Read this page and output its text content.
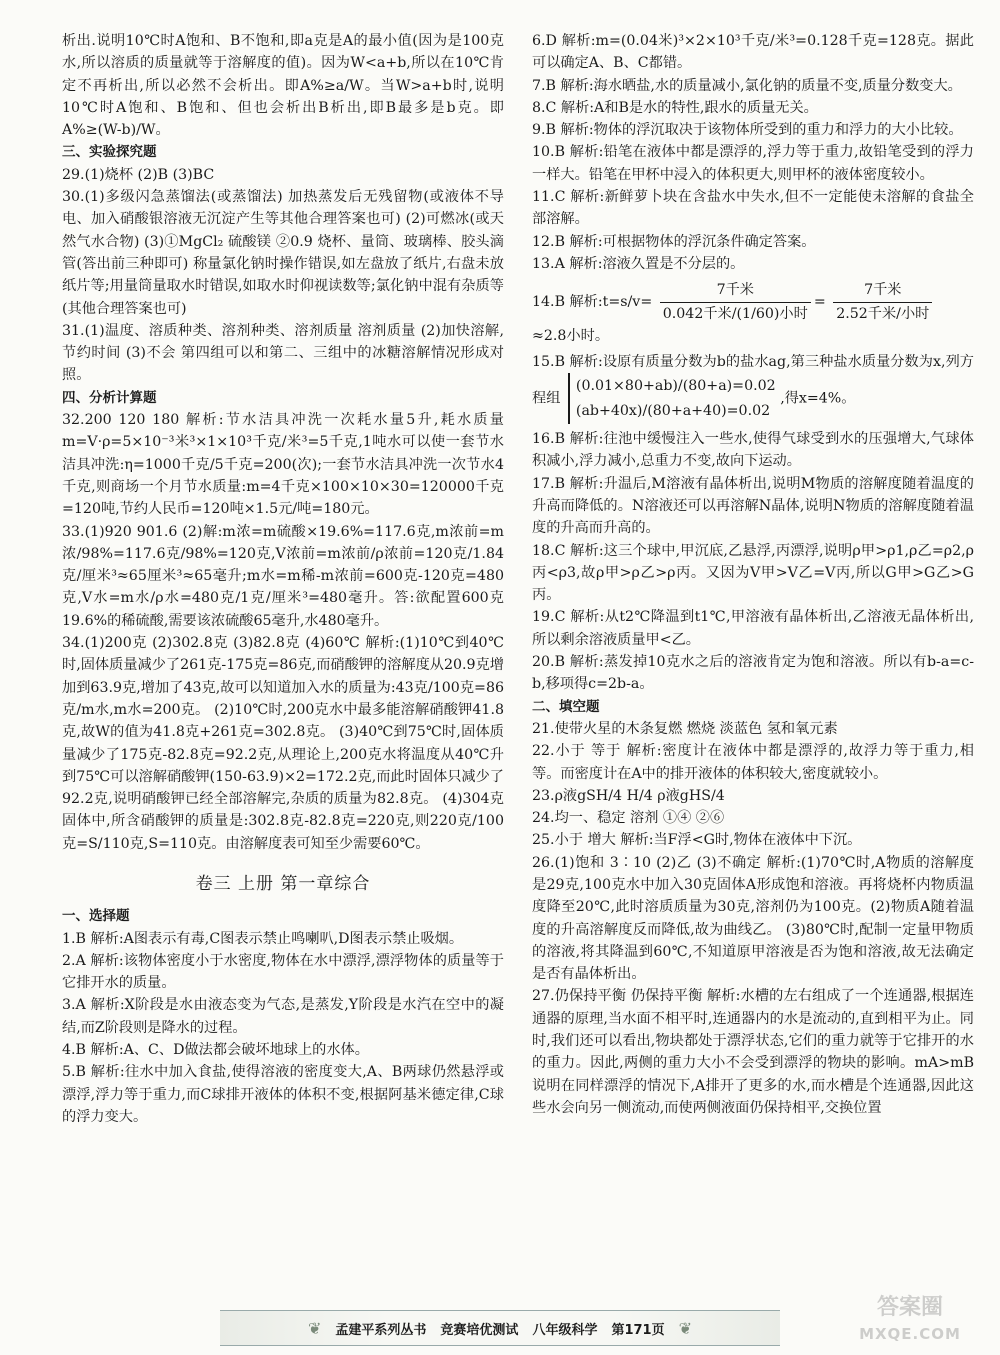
析出.说明10℃时A饱和、B不饱和,即a克是A的最小值(因为是100克水,所以溶质的质量就等于溶解度的值)。因为W<a+b,所以在10℃肯定不再析出,所以必然不会析出。即A%≥a/W。当W>a+b时,说明10℃时A饱和、B饱和、但也会析出B析出,即B最多是b克。即A%≥(W-b)/W。

三、实验探究题

29.(1)烧杯 (2)B (3)BC

30.(1)多级闪急蒸馏法(或蒸馏法) 加热蒸发后无残留物(或液体不导电、加入硝酸银溶液无沉淀产生等其他合理答案也可) (2)可燃冰(或天然气水合物) (3)①MgCl₂ 硫酸镁 ②0.9 烧杯、量筒、玻璃棒、胶头滴管(答出前三种即可) 称量氯化钠时操作错误,如左盘放了纸片,右盘未放纸片等;用量筒量取水时错误,如取水时仰视读数等;氯化钠中混有杂质等(其他合理答案也可)

31.(1)温度、溶质种类、溶剂种类、溶剂质量 溶剂质量 (2)加快溶解,节约时间 (3)不会 第四组可以和第二、三组中的冰糖溶解情况形成对照。

四、分析计算题

32.200 120 180 解析:节水洁具冲洗一次耗水量5升,耗水质量 m=V·ρ=5×10⁻³米³×1×10³千克/米³=5千克,1吨水可以使一套节水洁具冲洗:η=1000千克/5千克=200(次);一套节水洁具冲洗一次节水4千克,则商场一个月节水质量:m=4千克×100×10×30=120000千克=120吨,节约人民币=120吨×1.5元/吨=180元。

33.(1)920 901.6 (2)解:m浓=m硫酸×19.6%=117.6克,m浓前=m浓/98%=117.6克/98%=120克,V浓前=m浓前/ρ浓前=120克/1.84克/厘米³≈65厘米³≈65毫升;m水=m稀-m浓前=600克-120克=480克,V水=m水/ρ水=480克/1克/厘米³=480毫升。答:欲配置600克19.6%的稀硫酸,需要该浓硫酸65毫升,水480毫升。

34.(1)200克 (2)302.8克 (3)82.8克 (4)60℃ 解析:(1)10℃到40℃时,固体质量减少了261克-175克=86克,而硝酸钾的溶解度从20.9克增加到63.9克,增加了43克,故可以知道加入水的质量为:43克/100克=86克/m水,m水=200克。 (2)10℃时,200克水中最多能溶解硝酸钾41.8克,故W的值为41.8克+261克=302.8克。 (3)40℃到75℃时,固体质量减少了175克-82.8克=92.2克,从理论上,200克水将温度从40℃升到75℃可以溶解硝酸钾(150-63.9)×2=172.2克,而此时固体只减少了92.2克,说明硝酸钾已经全部溶解完,杂质的质量为82.8克。 (4)304克固体中,所含硝酸钾的质量是:302.8克-82.8克=220克,则220克/100克=S/110克,S=110克。由溶解度表可知至少需要60℃。

卷三 上册 第一章综合

一、选择题

1.B 解析:A图表示有毒,C图表示禁止鸣喇叭,D图表示禁止吸烟。

2.A 解析:该物体密度小于水密度,物体在水中漂浮,漂浮物体的质量等于它排开水的质量。

3.A 解析:X阶段是水由液态变为气态,是蒸发,Y阶段是水汽在空中的凝结,而Z阶段则是降水的过程。

4.B 解析:A、C、D做法都会破坏地球上的水体。

5.B 解析:往水中加入食盐,使得溶液的密度变大,A、B两球仍然悬浮或漂浮,浮力等于重力,而C球排开液体的体积不变,根据阿基米德定律,C球的浮力变大。

6.D 解析:m=(0.04米)³×2×10³千克/米³=0.128千克=128克。据此可以确定A、B、C都错。

7.B 解析:海水晒盐,水的质量减小,氯化钠的质量不变,质量分数变大。

8.C 解析:A和B是水的特性,跟水的质量无关。

9.B 解析:物体的浮沉取决于该物体所受到的重力和浮力的大小比较。

10.B 解析:铅笔在液体中都是漂浮的,浮力等于重力,故铅笔受到的浮力一样大。铅笔在甲杯中浸入的体积更大,则甲杯的液体密度较小。

11.C 解析:新鲜萝卜块在含盐水中失水,但不一定能使未溶解的食盐全部溶解。

12.B 解析:可根据物体的浮沉条件确定答案。

13.A 解析:溶液久置是不分层的。

14.B 解析:t=s/v= $\frac{\text{7千米}}{\text{0.042千米/(1/60)小时}} = \frac{\text{7千米}}{\text{2.52千米/小时}}$

≈2.8小时。

15.B 解析:设原有质量分数为b的盐水ag,第三种盐水质量分数为x,列方程组
(0.01×80+ab)/(80+a)=0.02
(ab+40x)/(80+a+40)=0.02
,得x=4%。

16.B 解析:往池中缓慢注入一些水,使得气球受到水的压强增大,气球体积减小,浮力减小,总重力不变,故向下运动。

17.B 解析:升温后,M溶液有晶体析出,说明M物质的溶解度随着温度的升高而降低的。N溶液还可以再溶解N晶体,说明N物质的溶解度随着温度的升高而升高的。

18.C 解析:这三个球中,甲沉底,乙悬浮,丙漂浮,说明ρ甲>ρ1,ρ乙=ρ2,ρ丙<ρ3,故ρ甲>ρ乙>ρ丙。又因为V甲>V乙=V丙,所以G甲>G乙>G丙。

19.C 解析:从t2℃降温到t1℃,甲溶液有晶体析出,乙溶液无晶体析出,所以剩余溶液质量甲<乙。

20.B 解析:蒸发掉10克水之后的溶液肯定为饱和溶液。所以有b-a=c-b,移项得c=2b-a。

二、填空题

21.使带火星的木条复燃 燃烧 淡蓝色 氢和氧元素

22.小于 等于 解析:密度计在液体中都是漂浮的,故浮力等于重力,相等。而密度计在A中的排开液体的体积较大,密度就较小。

23.ρ液gSH/4 H/4 ρ液gHS/4

24.均一、稳定 溶剂 ①④ ②⑥

25.小于 增大 解析:当F浮<G时,物体在液体中下沉。

26.(1)饱和 3∶10 (2)乙 (3)不确定 解析:(1)70℃时,A物质的溶解度是29克,100克水中加入30克固体A形成饱和溶液。再将烧杯内物质温度降至20℃,此时溶质质量为30克,溶剂仍为100克。(2)物质A随着温度的升高溶解度反而降低,故为曲线乙。 (3)80℃时,配制一定量甲物质的溶液,将其降温到60℃,不知道原甲溶液是否为饱和溶液,故无法确定是否有晶体析出。

27.仍保持平衡 仍保持平衡 解析:水槽的左右组成了一个连通器,根据连通器的原理,当水面不相平时,连通器内的水是流动的,直到相平为止。同时,我们还可以看出,物块都处于漂浮状态,它们的重力就等于它排开的水的重力。因此,两侧的重力大小不会受到漂浮的物块的影响。mA>mB 说明在同样漂浮的情况下,A排开了更多的水,而水槽是个连通器,因此这些水会向另一侧流动,而使两侧液面仍保持相平,交换位置

❦ 孟建平系列丛书 竞赛培优测试 八年级科学 第171页 ❦
答案圈
MXQE.COM
